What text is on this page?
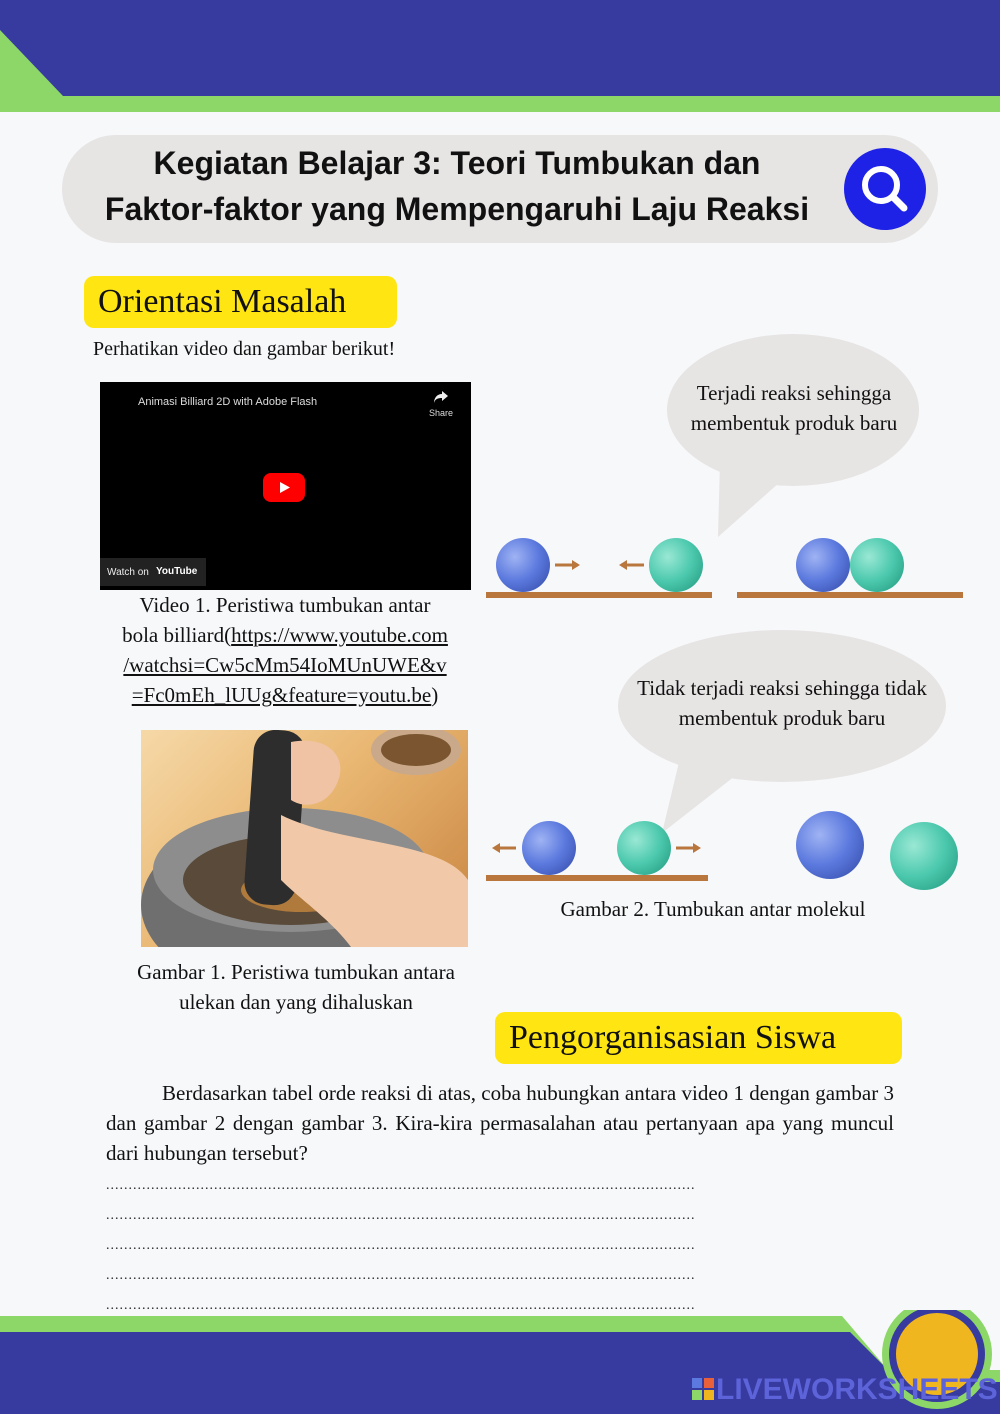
Kegiatan Belajar 3: Teori Tumbukan dan
Faktor-faktor yang Mempengaruhi Laju Reaksi
Orientasi Masalah
Perhatikan video dan gambar berikut!
Animasi Billiard 2D with Adobe Flash
Share
Watch on YouTube
Video 1. Peristiwa tumbukan antar
bola billiard(https://www.youtube.com
/watchsi=Cw5cMm54IoMUnUWE&v
=Fc0mEh_lUUg&feature=youtu.be)
Gambar 1. Peristiwa tumbukan antara
ulekan dan yang dihaluskan
Terjadi reaksi sehingga
membentuk produk baru
Tidak terjadi reaksi sehingga tidak
membentuk produk baru
Gambar 2. Tumbukan antar molekul
Pengorganisasian Siswa
Berdasarkan tabel orde reaksi di atas, coba hubungkan antara video 1 dengan gambar 3 dan gambar 2 dengan gambar 3. Kira-kira permasalahan atau pertanyaan apa yang muncul dari hubungan tersebut?
...................................................................................................................................
...................................................................................................................................
...................................................................................................................................
...................................................................................................................................
...................................................................................................................................
LIVEWORKSHEETS
